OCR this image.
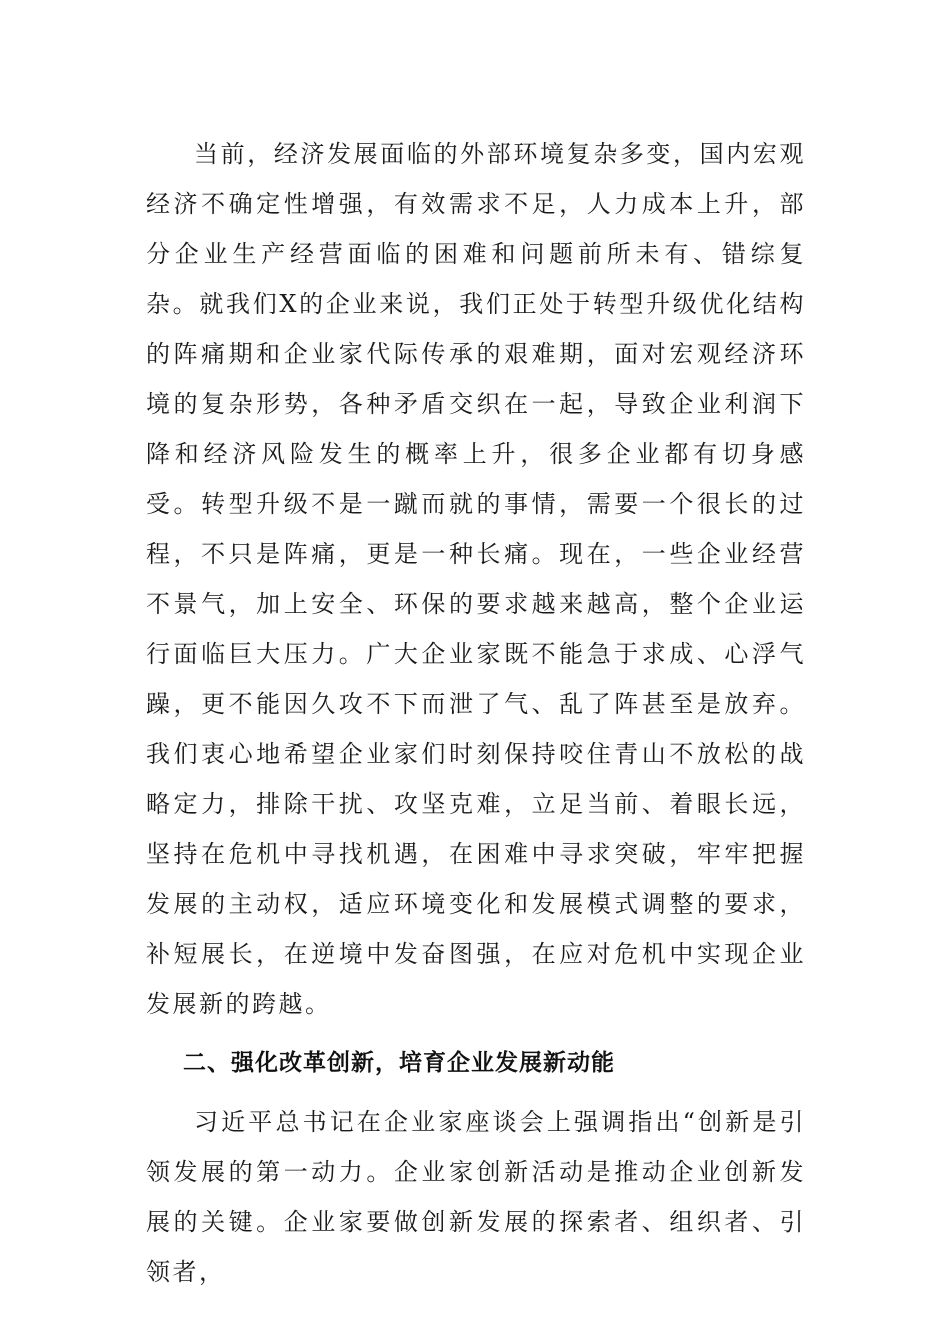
当前，经济发展面临的外部环境复杂多变，国内宏观经济不确定性增强，有效需求不足，人力成本上升，部分企业生产经营面临的困难和问题前所未有、错综复杂。就我们X的企业来说，我们正处于转型升级优化结构的阵痛期和企业家代际传承的艰难期，面对宏观经济环境的复杂形势，各种矛盾交织在一起，导致企业利润下降和经济风险发生的概率上升，很多企业都有切身感受。转型升级不是一蹴而就的事情，需要一个很长的过程，不只是阵痛，更是一种长痛。现在，一些企业经营不景气，加上安全、环保的要求越来越高，整个企业运行面临巨大压力。广大企业家既不能急于求成、心浮气躁，更不能因久攻不下而泄了气、乱了阵甚至是放弃。我们衷心地希望企业家们时刻保持咬住青山不放松的战略定力，排除干扰、攻坚克难，立足当前、着眼长远，坚持在危机中寻找机遇，在困难中寻求突破，牢牢把握发展的主动权，适应环境变化和发展模式调整的要求，补短展长，在逆境中发奋图强，在应对危机中实现企业发展新的跨越。

二、强化改革创新，培育企业发展新动能

习近平总书记在企业家座谈会上强调指出“创新是引领发展的第一动力。企业家创新活动是推动企业创新发展的关键。企业家要做创新发展的探索者、组织者、引领者，
